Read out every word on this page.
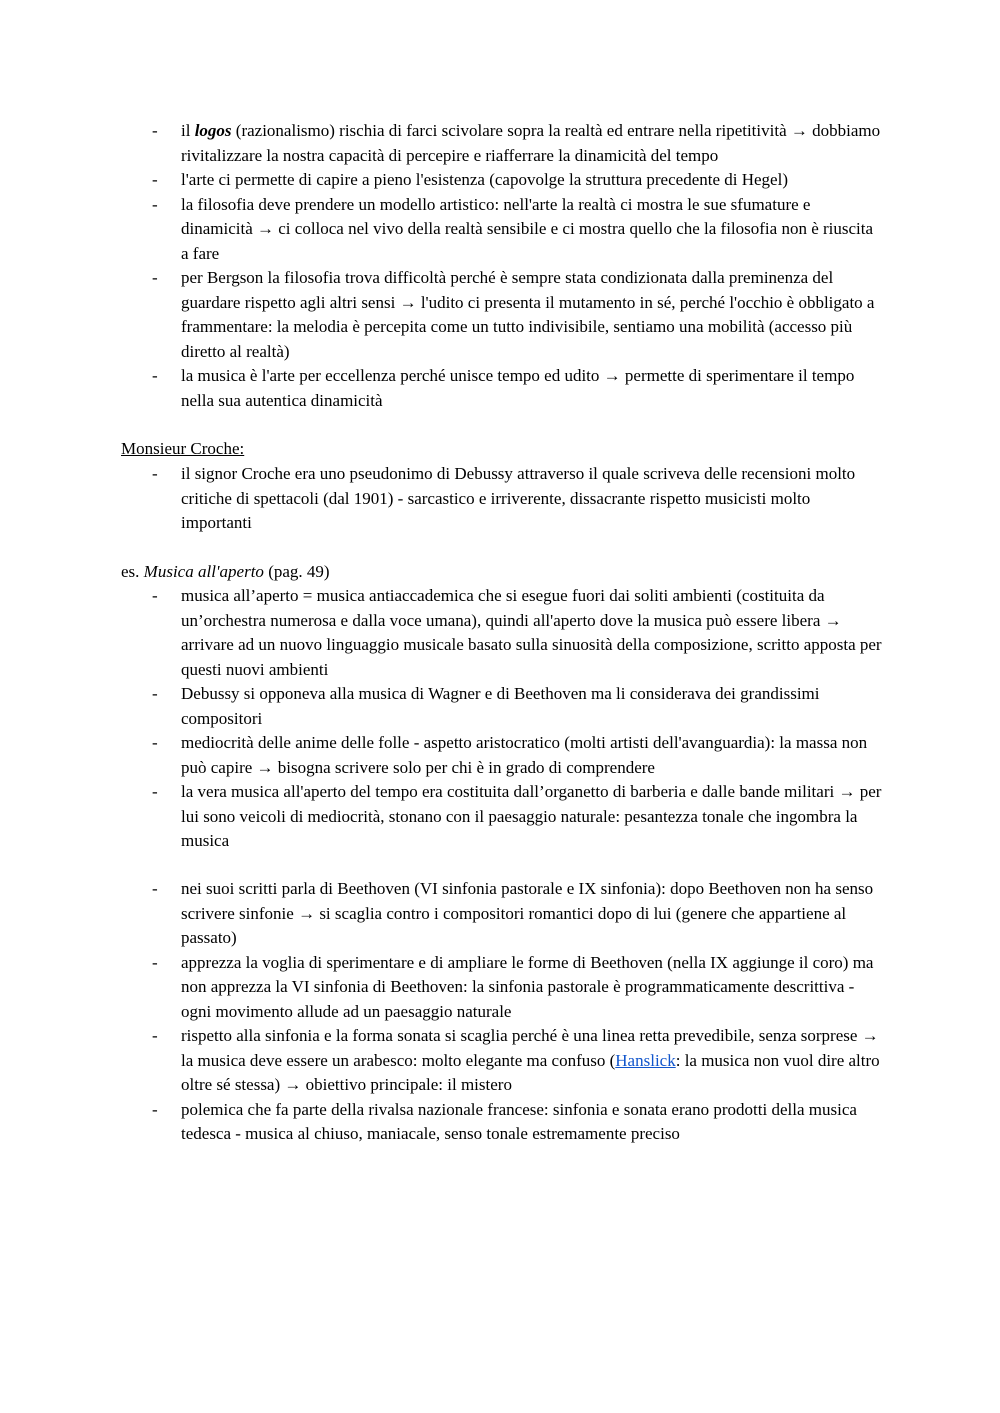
- il logos (razionalismo) rischia di farci scivolare sopra la realtà ed entrare nella ripetitività → dobbiamo rivitalizzare la nostra capacità di percepire e riafferrare la dinamicità del tempo
- l'arte ci permette di capire a pieno l'esistenza (capovolge la struttura precedente di Hegel)
- la filosofia deve prendere un modello artistico: nell'arte la realtà ci mostra le sue sfumature e dinamicità → ci colloca nel vivo della realtà sensibile e ci mostra quello che la filosofia non è riuscita a fare
- per Bergson la filosofia trova difficoltà perché è sempre stata condizionata dalla preminenza del guardare rispetto agli altri sensi → l'udito ci presenta il mutamento in sé, perché l'occhio è obbligato a frammentare: la melodia è percepita come un tutto indivisibile, sentiamo una mobilità (accesso più diretto al realtà)
- la musica è l'arte per eccellenza perché unisce tempo ed udito → permette di sperimentare il tempo nella sua autentica dinamicità

Monsieur Croche:

- il signor Croche era uno pseudonimo di Debussy attraverso il quale scriveva delle recensioni molto critiche di spettacoli (dal 1901) - sarcastico e irriverente, dissacrante rispetto musicisti molto importanti

es. Musica all'aperto (pag. 49)

- musica all’aperto = musica antiaccademica che si esegue fuori dai soliti ambienti (costituita da un’orchestra numerosa e dalla voce umana), quindi all'aperto dove la musica può essere libera → arrivare ad un nuovo linguaggio musicale basato sulla sinuosità della composizione, scritto apposta per questi nuovi ambienti
- Debussy si opponeva alla musica di Wagner e di Beethoven ma li considerava dei grandissimi compositori
- mediocrità delle anime delle folle - aspetto aristocratico (molti artisti dell'avanguardia): la massa non può capire → bisogna scrivere solo per chi è in grado di comprendere
- la vera musica all'aperto del tempo era costituita dall’organetto di barberia e dalle bande militari → per lui sono veicoli di mediocrità, stonano con il paesaggio naturale: pesantezza tonale che ingombra la musica
- nei suoi scritti parla di Beethoven (VI sinfonia pastorale e IX sinfonia): dopo Beethoven non ha senso scrivere sinfonie → si scaglia contro i compositori romantici dopo di lui (genere che appartiene al passato)
- apprezza la voglia di sperimentare e di ampliare le forme di Beethoven (nella IX aggiunge il coro) ma non apprezza la VI sinfonia di Beethoven: la sinfonia pastorale è programmaticamente descrittiva - ogni movimento allude ad un paesaggio naturale
- rispetto alla sinfonia e la forma sonata si scaglia perché è una linea retta prevedibile, senza sorprese → la musica deve essere un arabesco: molto elegante ma confuso (Hanslick: la musica non vuol dire altro oltre sé stessa) → obiettivo principale: il mistero
- polemica che fa parte della rivalsa nazionale francese: sinfonia e sonata erano prodotti della musica tedesca - musica al chiuso, maniacale, senso tonale estremamente preciso
